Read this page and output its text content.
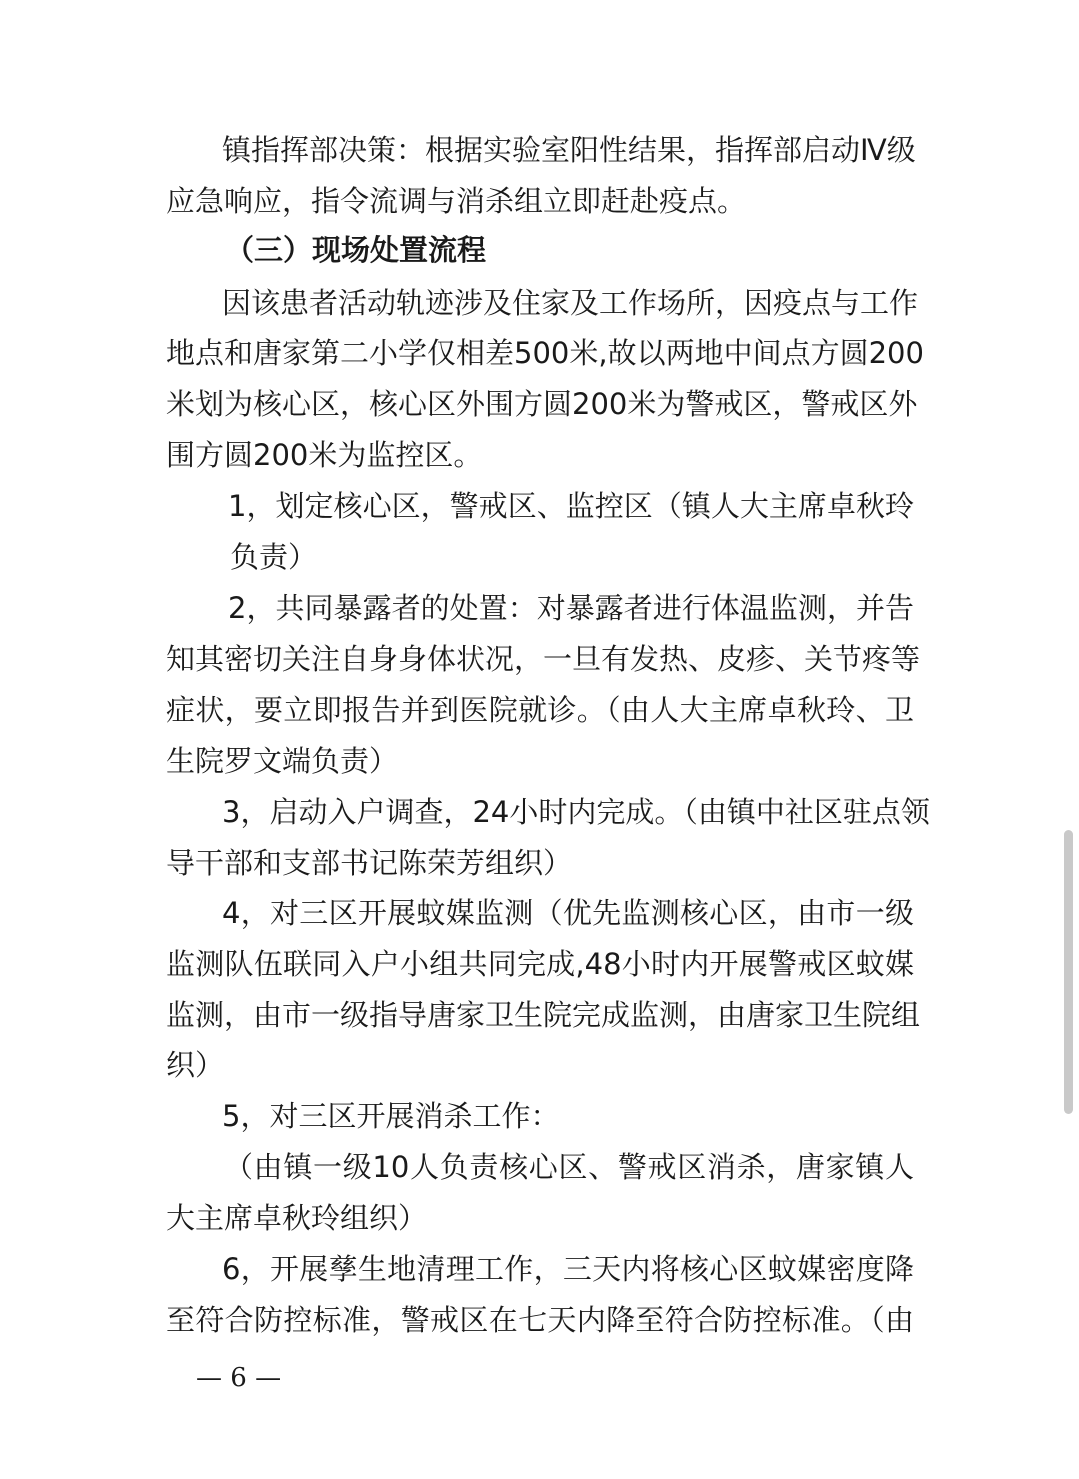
镇指挥部决策：根据实验室阳性结果，指挥部启动Ⅳ级
应急响应，指令流调与消杀组立即赶赴疫点。
（三）现场处置流程
因该患者活动轨迹涉及住家及工作场所，因疫点与工作
地点和唐家第二小学仅相差500米,故以两地中间点方圆200
米划为核心区，核心区外围方圆200米为警戒区，警戒区外
围方圆200米为监控区。
1，划定核心区，警戒区、监控区（镇人大主席卓秋玲
负责）
2，共同暴露者的处置：对暴露者进行体温监测，并告
知其密切关注自身身体状况，一旦有发热、皮疹、关节疼等
症状，要立即报告并到医院就诊。（由人大主席卓秋玲、卫
生院罗文端负责）
3，启动入户调查，24小时内完成。（由镇中社区驻点领
导干部和支部书记陈荣芳组织）
4，对三区开展蚊媒监测（优先监测核心区，由市一级
监测队伍联同入户小组共同完成,48小时内开展警戒区蚊媒
监测，由市一级指导唐家卫生院完成监测，由唐家卫生院组
织）
5，对三区开展消杀工作：
（由镇一级10人负责核心区、警戒区消杀，唐家镇人
大主席卓秋玲组织）
6，开展孳生地清理工作，三天内将核心区蚊媒密度降
至符合防控标准，警戒区在七天内降至符合防控标准。（由
— 6 —
